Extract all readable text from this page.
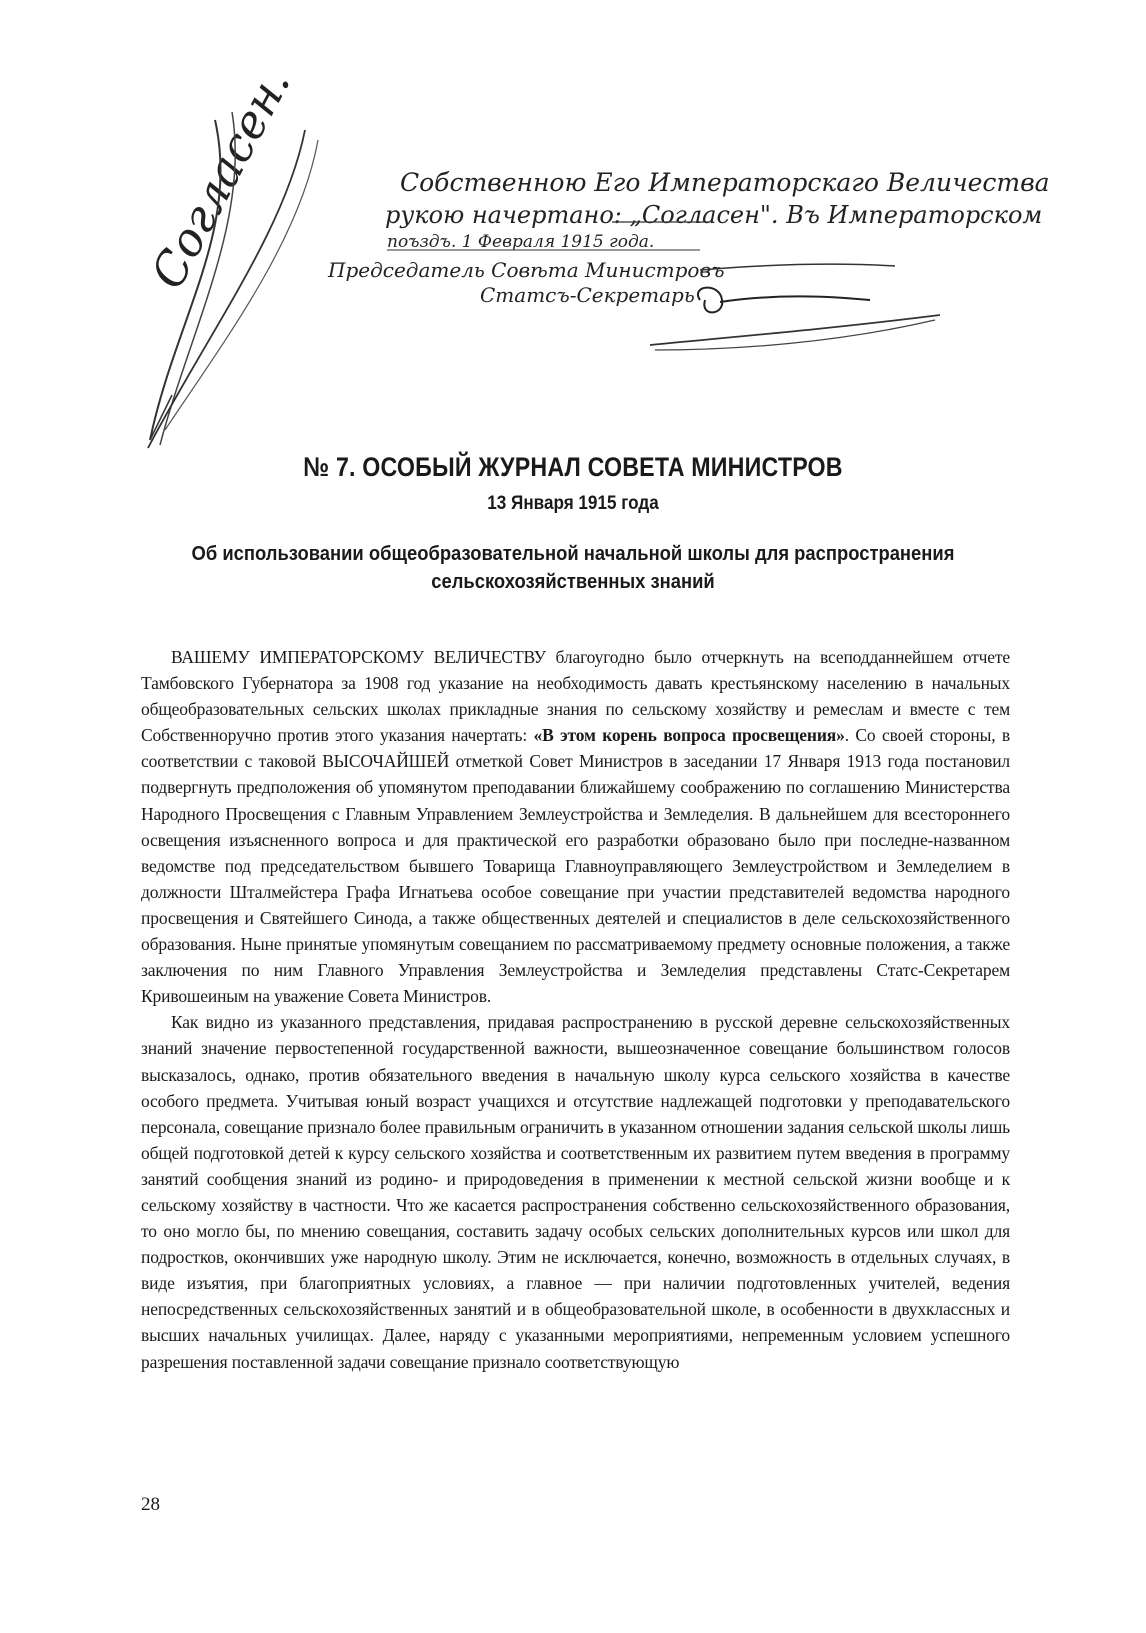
Согласен.	Собственною Его Императорскаго Величества
рукою начертано: „Согласен". Въ Императорском
поъздъ. 1 Февраля 1915 года.
Председатель Совѣта Министровъ
Статсъ-Секретарь
№ 7. ОСОБЫЙ ЖУРНАЛ СОВЕТА МИНИСТРОВ
13 Января 1915 года
Об использовании общеобразовательной начальной школы для распространения
сельскохозяйственных знаний

ВАШЕМУ ИМПЕРАТОРСКОМУ ВЕЛИЧЕСТВУ благоугодно было отчеркнуть на всеподданнейшем отчете Тамбовского Губернатора за 1908 год указание на необходимость давать крестьянскому населению в начальных общеобразовательных сельских школах прикладные знания по сельскому хозяйству и ремеслам и вместе с тем Собственноручно против этого указания начертать: «В этом корень вопроса просвещения». Со своей стороны, в соответствии с таковой ВЫСОЧАЙШЕЙ отметкой Совет Министров в заседании 17 Января 1913 года постановил подвергнуть предположения об упомянутом преподавании ближайшему соображению по соглашению Министерства Народного Просвещения с Главным Управлением Землеустройства и Земледелия. В дальнейшем для всестороннего освещения изъясненного вопроса и для практической его разработки образовано было при последне-названном ведомстве под председательством бывшего Товарища Главноуправляющего Землеустройством и Земледелием в должности Шталмейстера Графа Игнатьева особое совещание при участии представителей ведомства народного просвещения и Святейшего Синода, а также общественных деятелей и специалистов в деле сельскохозяйственного образования. Ныне принятые упомянутым совещанием по рассматриваемому предмету основные положения, а также заключения по ним Главного Управления Землеустройства и Земледелия представлены Статс-Секретарем Кривошеиным на уважение Совета Министров.

Как видно из указанного представления, придавая распространению в русской деревне сельскохозяйственных знаний значение первостепенной государственной важности, вышеозначенное совещание большинством голосов высказалось, однако, против обязательного введения в начальную школу курса сельского хозяйства в качестве особого предмета. Учитывая юный возраст учащихся и отсутствие надлежащей подготовки у преподавательского персонала, совещание признало более правильным ограничить в указанном отношении задания сельской школы лишь общей подготовкой детей к курсу сельского хозяйства и соответственным их развитием путем введения в программу занятий сообщения знаний из родино- и природоведения в применении к местной сельской жизни вообще и к сельскому хозяйству в частности. Что же касается распространения собственно сельскохозяйственного образования, то оно могло бы, по мнению совещания, составить задачу особых сельских дополнительных курсов или школ для подростков, окончивших уже народную школу. Этим не исключается, конечно, возможность в отдельных случаях, в виде изъятия, при благоприятных условиях, а главное — при наличии подготовленных учителей, ведения непосредственных сельскохозяйственных занятий и в общеобразовательной школе, в особенности в двухклассных и высших начальных училищах. Далее, наряду с указанными мероприятиями, непременным условием успешного разрешения поставленной задачи совещание признало соответствующую

28
